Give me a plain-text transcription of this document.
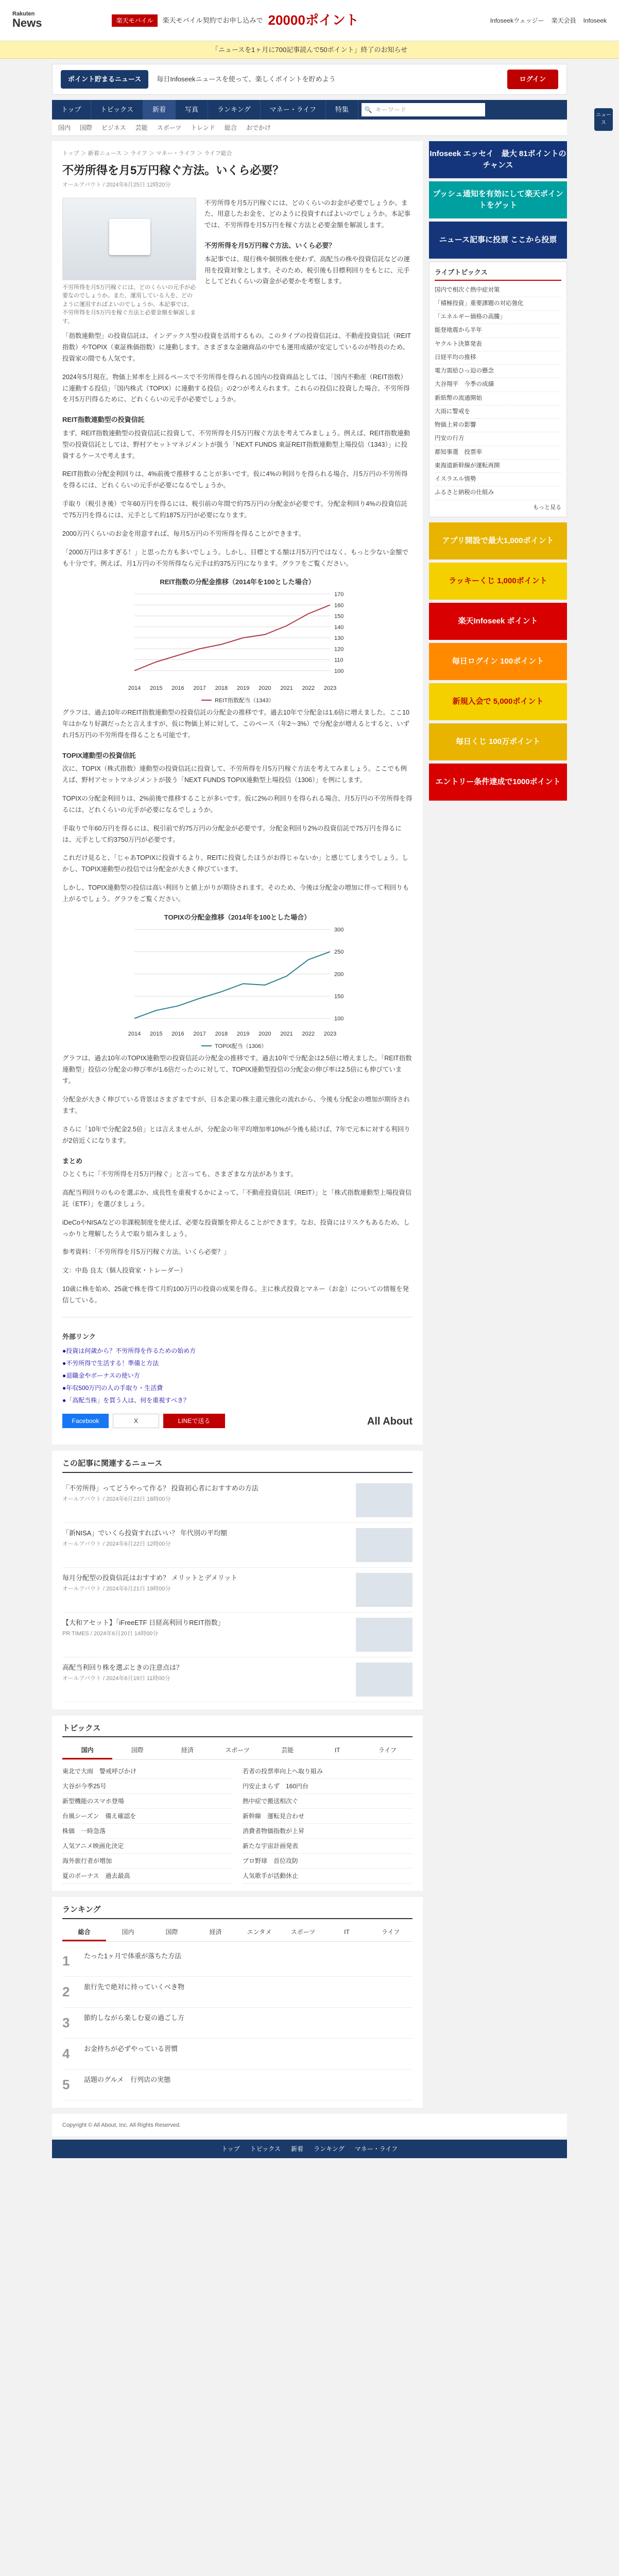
Rakuten
News	楽天モバイル	楽天モバイル契約でお申し込みで 20000ポイント	Infoseekウェッジー 楽天会員 Infoseek
「ニュースを1ヶ月に700記事読んで50ポイント」終了のお知らせ
ニュース
ポイント貯まるニュース	毎日Infoseekニュースを使って、楽しくポイントを貯めよう	ログイン
トップ	トピックス	新着	写真	ランキング	マネー・ライフ	特集	🔍 キーワード
国内 国際 ビジネス 芸能 スポーツ トレンド 総合 おでかけ
トップ ＞ 新着ニュース ＞ ライフ ＞ マネー・ライフ ＞ ライフ総合
不労所得を月5万円稼ぐ方法。いくら必要？
オールアバウト / 2024年6月25日 12時20分
不労所得を月5万円稼ぐには、どのくらいの元手が必要なのでしょうか。また、運用している人を、どのように運用すればよいのでしょうか。本記事では、不労所得を月5万円を稼ぐ方法と必要金額を解説します。
不労所得を月5万円稼ぐには、どのくらいのお金が必要でしょうか。また、用意したお金を、どのように投資すればよいのでしょうか。本記事では、不労所得を月5万円を稼ぐ方法と必要金額を解説します。
不労所得を月5万円稼ぐ方法、いくら必要？
本記事では、現行株や個別株を使わず、高配当の株や投資信託などの運用を投資対象とします。そのため、税引後も目標利回りをもとに、元手としてどれくらいの資金が必要かを考察します。
「指数連動型」の投資信託は、インデックス型の投資を活用するもの。このタイプの投資信託は、不動産投資信託（REIT指数）やTOPIX（東証株価指数）に連動します。さまざまな金融商品の中でも運用成績が安定しているのが特長のため、投資家の間でも人気です。
2024年5月現在、物価上昇率を上回るペースで不労所得を得られる国内の投資商品としては、「国内不動産（REIT指数）に連動する投信」「国内株式（TOPIX）に連動する投信」の2つが考えられます。これらの投信に投資した場合、不労所得を月5万円得るために、どれくらいの元手が必要でしょうか。
REIT指数連動型の投資信託
まず、REIT指数連動型の投資信託に投資して、不労所得を月5万円稼ぐ方法を考えてみましょう。例えば、REIT指数連動型の投資信託としては、野村アセットマネジメントが扱う「NEXT FUNDS 東証REIT指数連動型上場投信（1343）」に投資するケースで考えます。
REIT指数の分配金利回りは、4%前後で推移することが多いです。仮に4%の利回りを得られる場合、月5万円の不労所得を得るには、どれくらいの元手が必要になるでしょうか。
手取り（税引き後）で年60万円を得るには、税引前の年間で約75万円の分配金が必要です。分配金利回り4%の投資信託で75万円を得るには、元手として約1875万円が必要になります。
2000万円くらいのお金を用意すれば、毎月5万円の不労所得を得ることができます。
「2000万円は多すぎる！」と思った方も多いでしょう。しかし、目標とする額は月5万円ではなく、もっと少ない金額でも十分です。例えば、月1万円の不労所得なら元手は約375万円になります。グラフをご覧ください。
REIT指数の分配金推移（2014年を100とした場合）
100
110
120
130
140
150
160
170
2014 2015 2016 2017 2018 2019 2020 2021 2022 2023
REIT指数配当（1343）
グラフは、過去10年のREIT指数連動型の投資信託の分配金の推移です。過去10年で分配金は1.6倍に増えました。ここ10年はかなり好調だったと言えますが、仮に物価上昇に対して、このペース（年2〜3%）で分配金が増えるとすると、いずれ月5万円の不労所得を得ることも可能です。
TOPIX連動型の投資信託
次に、TOPIX（株式指数）連動型の投資信託に投資して、不労所得を月5万円稼ぐ方法を考えてみましょう。ここでも例えば、野村アセットマネジメントが扱う「NEXT FUNDS TOPIX連動型上場投信（1306）」を例にします。
TOPIXの分配金利回りは、2%前後で推移することが多いです。仮に2%の利回りを得られる場合、月5万円の不労所得を得るには、どれくらいの元手が必要になるでしょうか。
手取りで年60万円を得るには、税引前で約75万円の分配金が必要です。分配金利回り2%の投資信託で75万円を得るには、元手として約3750万円が必要です。
これだけ見ると、「じゃあTOPIXに投資するより、REITに投資したほうがお得じゃないか」と感じてしまうでしょう。しかし、TOPIX連動型の投信では分配金が大きく伸びています。
しかし、TOPIX連動型の投信は高い利回りと値上がりが期待されます。そのため、今後は分配金の増加に伴って利回りも上がるでしょう。グラフをご覧ください。
TOPIXの分配金推移（2014年を100とした場合）
100
150
200
250
300
2014 2015 2016 2017 2018 2019 2020 2021 2022 2023
TOPIX配当（1306）
グラフは、過去10年のTOPIX連動型の投資信託の分配金の推移です。過去10年で分配金は2.5倍に増えました。「REIT指数連動型」投信の分配金の伸び率が1.6倍だったのに対して、TOPIX連動型投信の分配金の伸び率は2.5倍にも伸びています。
分配金が大きく伸びている背景はさまざまですが、日本企業の株主還元強化の流れから、今後も分配金の増加が期待されます。
さらに「10年で分配金2.5倍」とは言えませんが、分配金の年平均増加率10%が今後も続けば、7年で元本に対する利回りが2倍近くになります。
まとめ
ひとくちに「不労所得を月5万円稼ぐ」と言っても、さまざまな方法があります。
高配当利回りのものを選ぶか、成長性を重視するかによって、「不動産投資信託（REIT）」と「株式指数連動型上場投資信託（ETF）」を選びましょう。
iDeCoやNISAなどの非課税制度を使えば、必要な投資額を抑えることができます。なお、投資にはリスクもあるため、しっかりと理解したうえで取り組みましょう。
参考資料：「不労所得を月5万円稼ぐ方法。いくら必要？」
文：中島 良太（個人投資家・トレーダー）
10歳に株を始め、25歳で株を得て月約100万円の投資の成果を得る。主に株式投資とマネー（お金）についての情報を発信している。
外部リンク
●投資は何歳から？不労所得を作るための始め方
●不労所得で生活する！準備と方法
●退職金やボーナスの使い方
●年収500万円の人の手取り・生活費
●「高配当株」を買う人は、何を重視すべき？
Facebook	X	LINEで送る	All About
Infoseek エッセイ　最大 81ポイントのチャンス
プッシュ通知を有効にして楽天ポイントをゲット
ニュース記事に投票 ここから投票
ライブトピックス
国内で相次ぐ熱中症対策
「積極投資」重要課題の対応強化
「エネルギー価格の高騰」
能登地震から半年
ヤクルト決算発表
日経平均の推移
電力需給ひっ迫の懸念
大谷翔平　今季の成績
新紙幣の流通開始
大雨に警戒を
物価上昇の影響
円安の行方
都知事選　投票率
東海道新幹線が運転再開
イスラエル情勢
ふるさと納税の仕組み
もっと見る
アプリ開設で最大1,000ポイント
ラッキーくじ 1,000ポイント
楽天Infoseek ポイント
毎日ログイン 100ポイント
新規入会で 5,000ポイント
毎日くじ 100万ポイント
エントリー条件達成で1000ポイント
この記事に関連するニュース
「不労所得」ってどうやって作る？ 投資初心者におすすめの方法
オールアバウト / 2024年6月23日 18時00分
「新NISA」でいくら投資すればいい？ 年代別の平均額
オールアバウト / 2024年6月22日 12時00分
毎月分配型の投資信託はおすすめ？ メリットとデメリット
オールアバウト / 2024年6月21日 19時00分
【大和アセット】「iFreeETF 日経高利回りREIT指数」
PR TIMES / 2024年6月20日 14時00分
高配当利回り株を選ぶときの注意点は？
オールアバウト / 2024年6月19日 11時00分
トピックス
国内	国際	経済	スポーツ	芸能	IT	ライフ
東北で大雨　警戒呼びかけ	若者の投票率向上へ取り組み
大谷が今季25号	円安止まらず　160円台
新型機能のスマホ登場	熱中症で搬送相次ぐ
台風シーズン　備え確認を	新幹線　運転見合わせ
株価　一時急落	消費者物価指数が上昇
人気アニメ映画化決定	新たな宇宙計画発表
海外旅行者が増加	プロ野球　首位攻防
夏のボーナス　過去最高	人気歌手が活動休止
ランキング
総合	国内	国際	経済	エンタメ	スポーツ	IT	ライフ
1	たった1ヶ月で体重が落ちた方法
2	旅行先で絶対に持っていくべき物
3	節約しながら楽しむ夏の過ごし方
4	お金持ちが必ずやっている習慣
5	話題のグルメ　行列店の実態
Copyright © All About, Inc. All Rights Reserved.
トップ トピックス 新着 ランキング マネー・ライフ
